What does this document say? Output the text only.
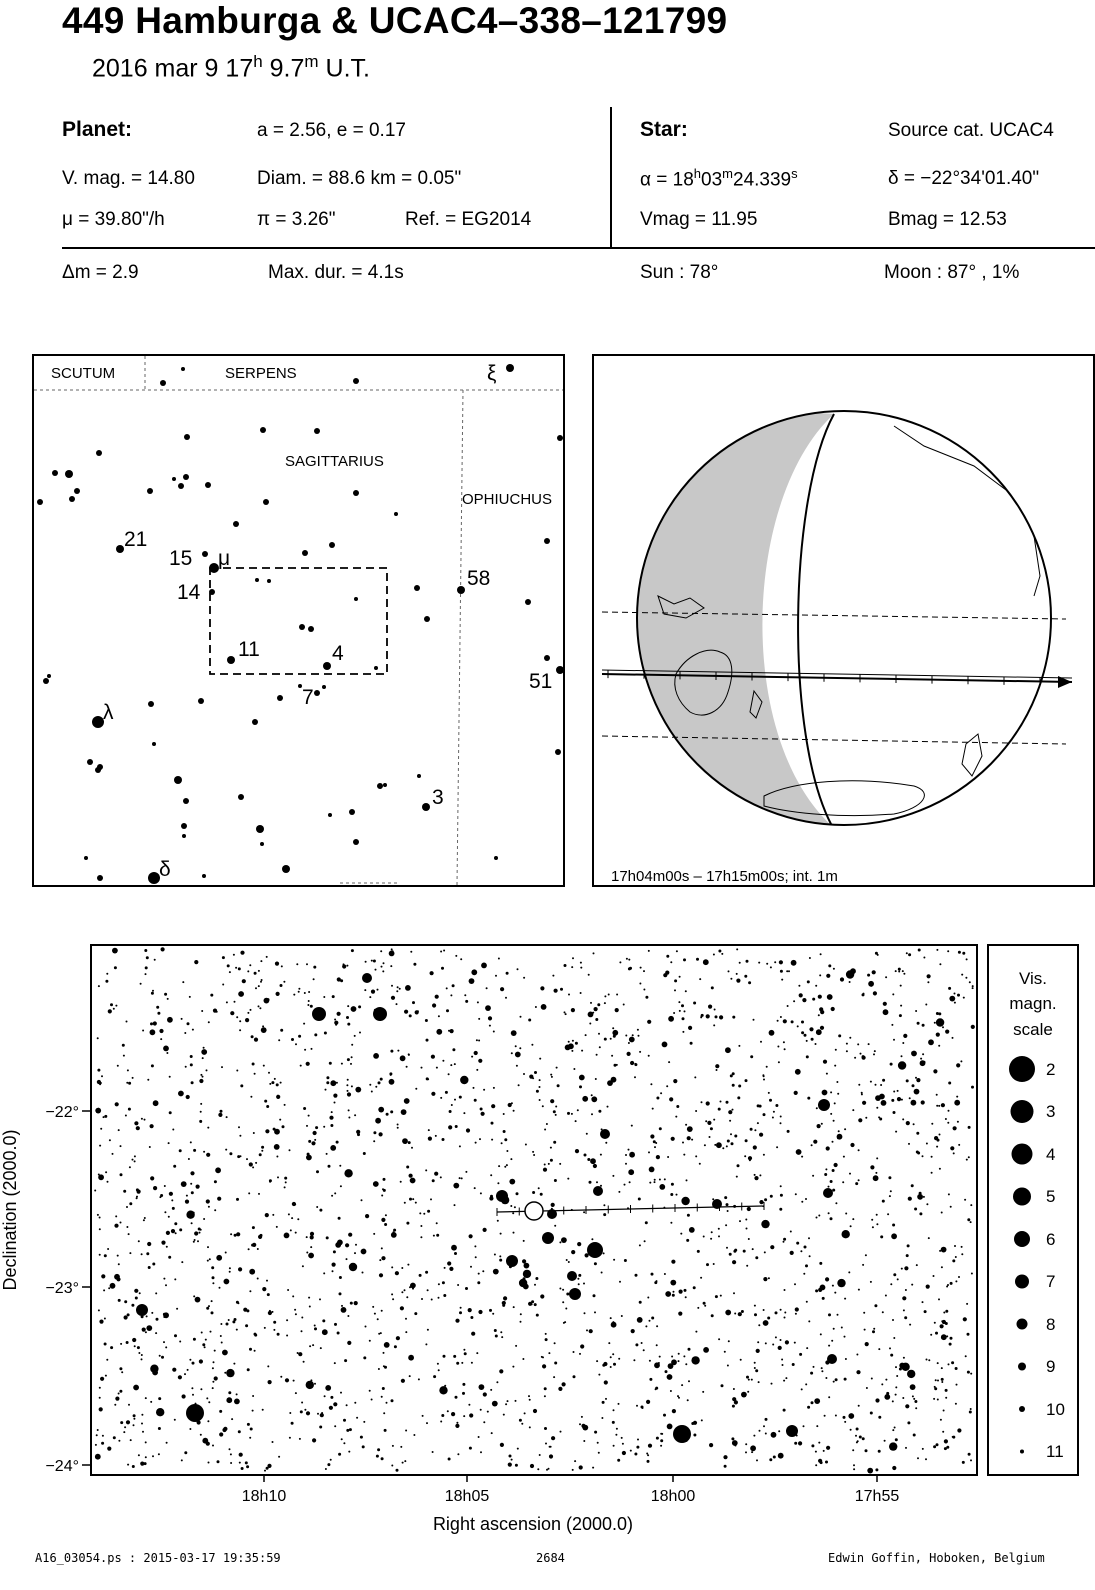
449 Hamburga & UCAC4–338–121799
2016 mar 9 17$^h$ 9.7$^m$ U.T.
Planet:	a = 2.56, e = 0.17
V. mag. = 14.80	Diam. = 88.6 km = 0.05"
μ = 39.80"/h	π = 3.26"	Ref. = EG2014
Star:	Source cat. UCAC4
$\alpha = 18^h03^m24.339^s$	δ = −22°34'01.40"
Vmag = 11.95	Bmag = 12.53
Δm = 2.9	Max. dur. = 4.1s	Sun : 78°	Moon : 87° , 1%
SCUTUM	SERPENS
SAGITTARIUS
OPHIUCHUS
21
15 μ
14
58
11	4
7
51
λ
3
δ
ξ
17h04m00s – 17h15m00s; int. 1m
18h10	18h05	18h00	17h55
Right ascension (2000.0)
−22°
−23°
−24°
Declination (2000.0)
Vis.
magn.
scale
2
3
4
5
6
7
8
9
10
11
A16_03054.ps : 2015-03-17 19:35:59	2684	Edwin Goffin, Hoboken, Belgium
